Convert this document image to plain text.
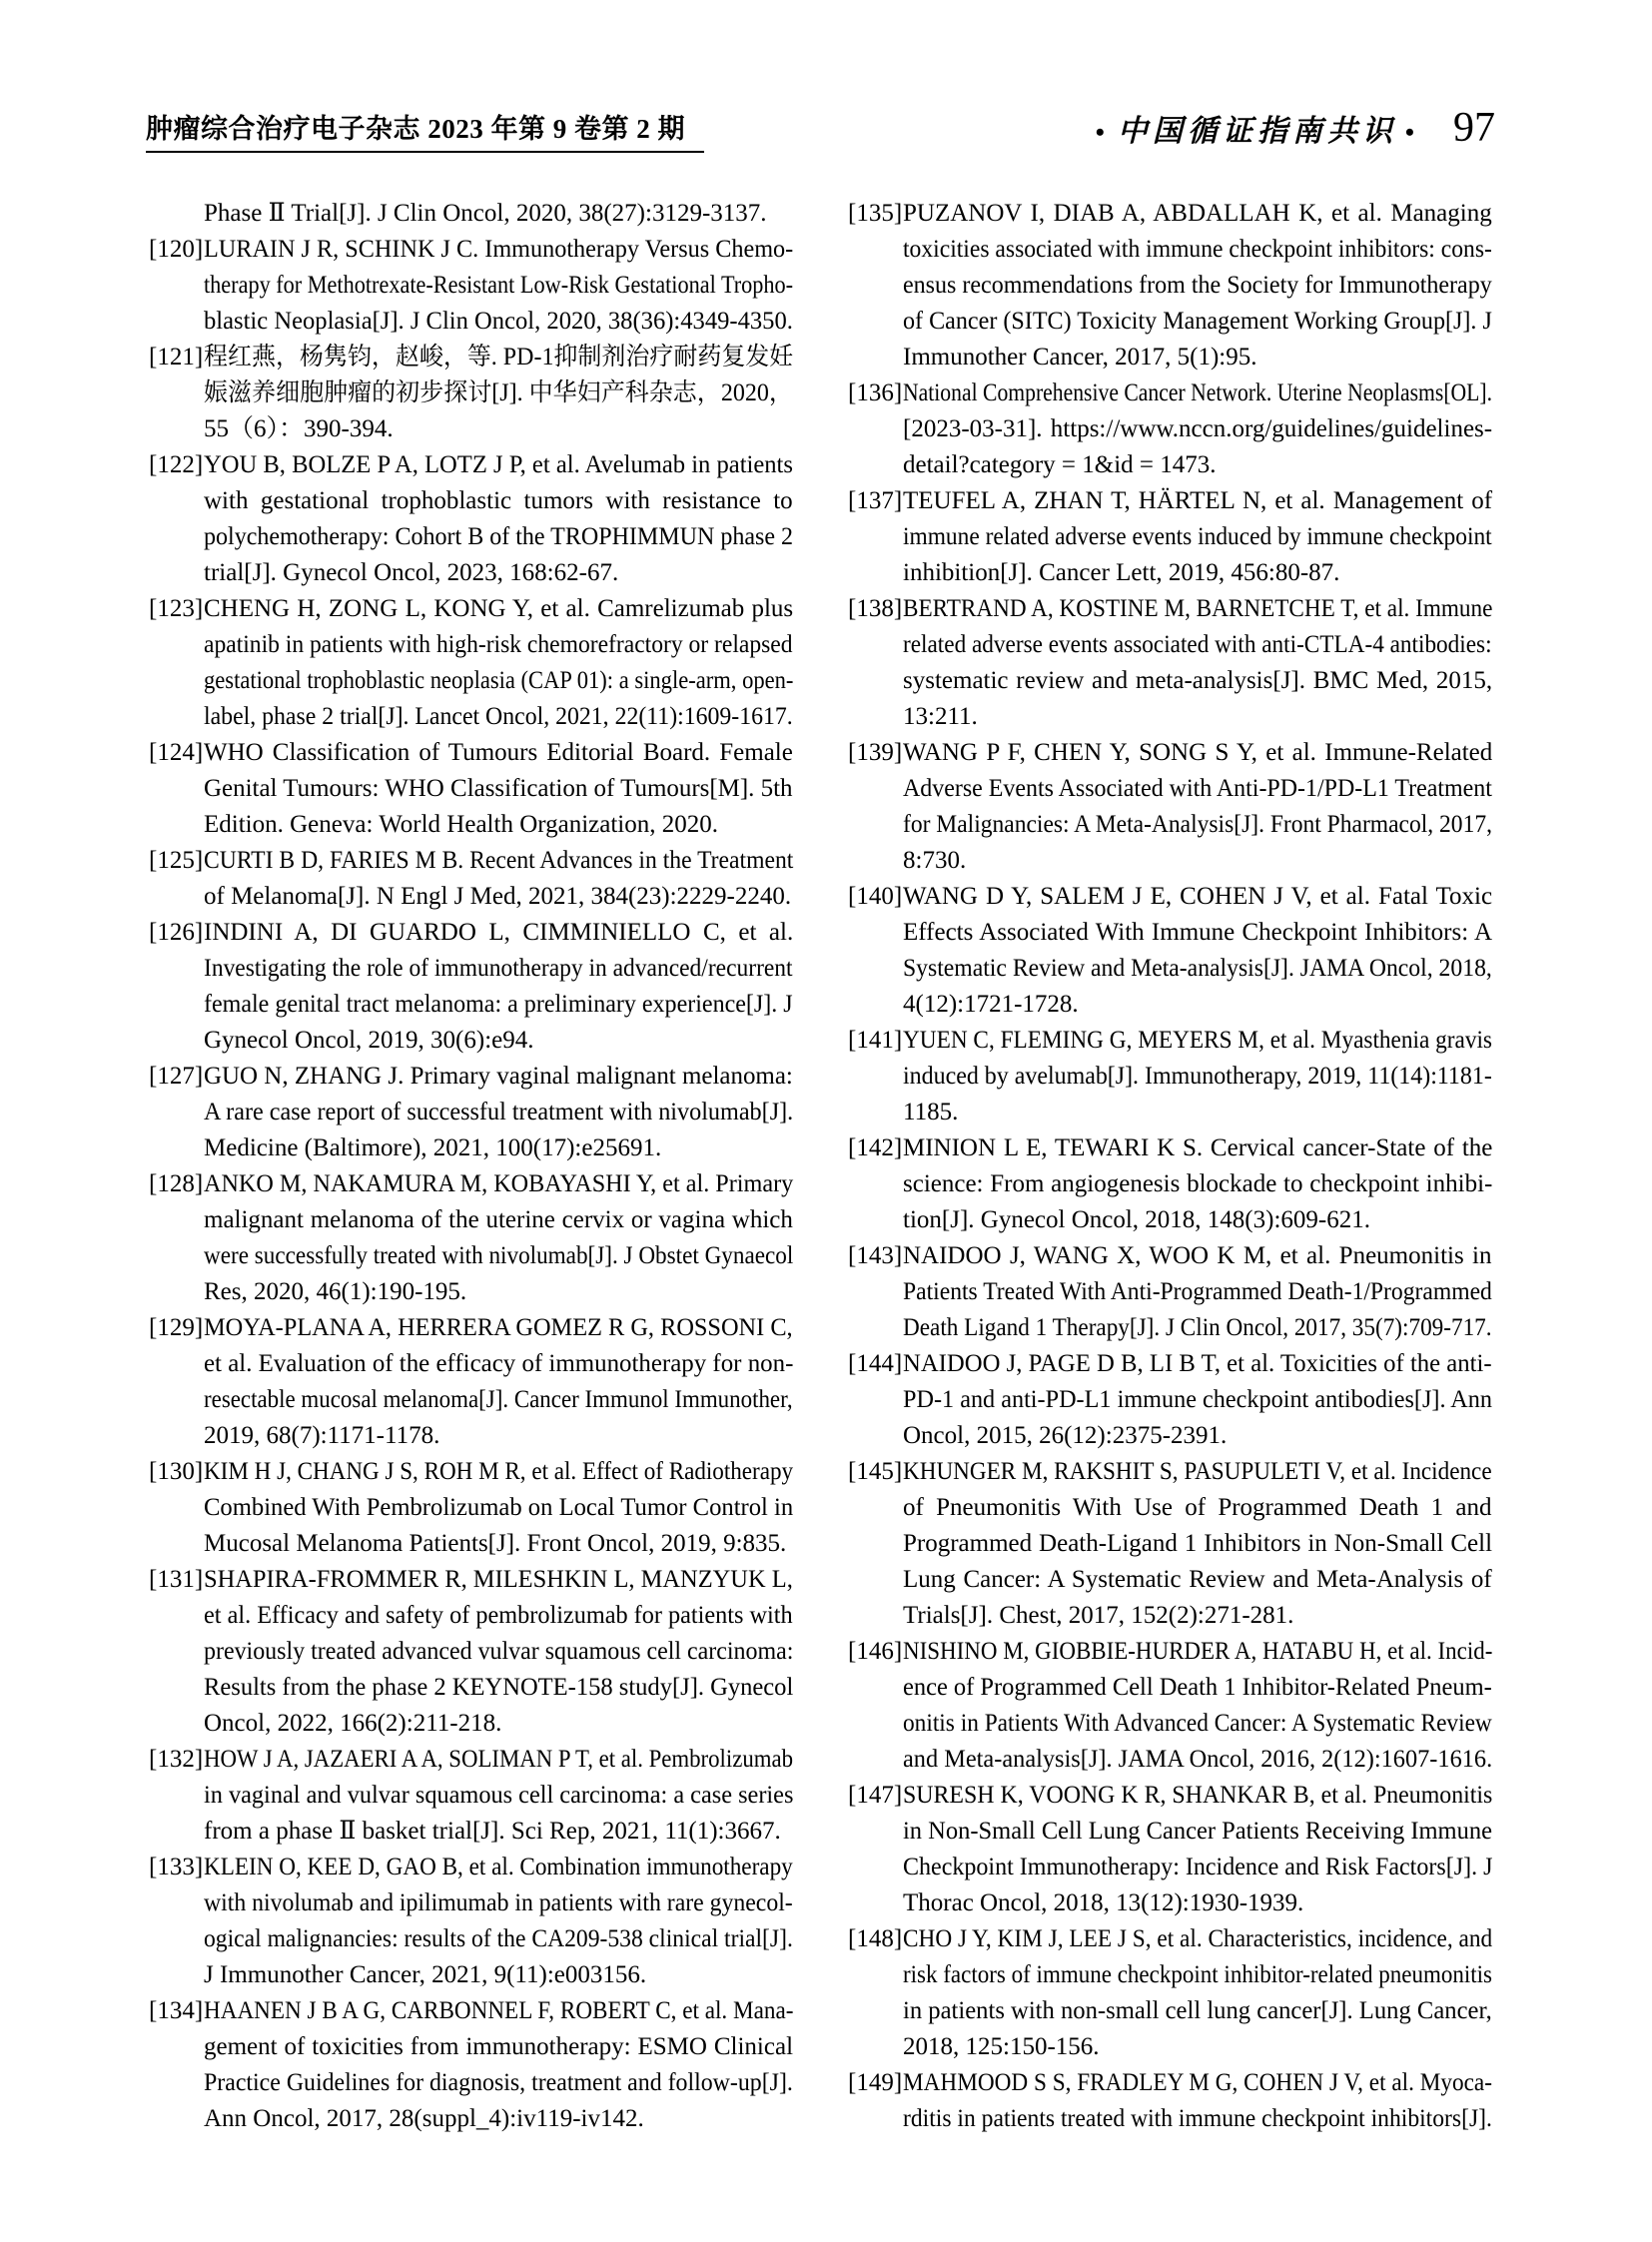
肿瘤综合治疗电子杂志 2023 年第 9 卷第 2 期	• 中国循证指南共识 • 97
Phase Ⅱ Trial[J]. J Clin Oncol, 2020, 38(27):3129-3137.
[120] LURAIN J R, SCHINK J C. Immunotherapy Versus Chemo-
therapy for Methotrexate-Resistant Low-Risk Gestational Tropho-
blastic Neoplasia[J]. J Clin Oncol, 2020, 38(36):4349-4350.
[121] 程红燕，杨隽钧，赵峻，等. PD-1抑制剂治疗耐药复发妊
娠滋养细胞肿瘤的初步探讨[J]. 中华妇产科杂志，2020，
55（6）：390-394.
[122] YOU B, BOLZE P A, LOTZ J P, et al. Avelumab in patients
with gestational trophoblastic tumors with resistance to
polychemotherapy: Cohort B of the TROPHIMMUN phase 2
trial[J]. Gynecol Oncol, 2023, 168:62-67.
[123] CHENG H, ZONG L, KONG Y, et al. Camrelizumab plus
apatinib in patients with high-risk chemorefractory or relapsed
gestational trophoblastic neoplasia (CAP 01): a single-arm, open-
label, phase 2 trial[J]. Lancet Oncol, 2021, 22(11):1609-1617.
[124] WHO Classification of Tumours Editorial Board. Female
Genital Tumours: WHO Classification of Tumours[M]. 5th
Edition. Geneva: World Health Organization, 2020.
[125] CURTI B D, FARIES M B. Recent Advances in the Treatment
of Melanoma[J]. N Engl J Med, 2021, 384(23):2229-2240.
[126] INDINI A, DI GUARDO L, CIMMINIELLO C, et al.
Investigating the role of immunotherapy in advanced/recurrent
female genital tract melanoma: a preliminary experience[J]. J
Gynecol Oncol, 2019, 30(6):e94.
[127] GUO N, ZHANG J. Primary vaginal malignant melanoma:
A rare case report of successful treatment with nivolumab[J].
Medicine (Baltimore), 2021, 100(17):e25691.
[128] ANKO M, NAKAMURA M, KOBAYASHI Y, et al. Primary
malignant melanoma of the uterine cervix or vagina which
were successfully treated with nivolumab[J]. J Obstet Gynaecol
Res, 2020, 46(1):190-195.
[129] MOYA-PLANA A, HERRERA GOMEZ R G, ROSSONI C,
et al. Evaluation of the efficacy of immunotherapy for non-
resectable mucosal melanoma[J]. Cancer Immunol Immunother,
2019, 68(7):1171-1178.
[130] KIM H J, CHANG J S, ROH M R, et al. Effect of Radiotherapy
Combined With Pembrolizumab on Local Tumor Control in
Mucosal Melanoma Patients[J]. Front Oncol, 2019, 9:835.
[131] SHAPIRA-FROMMER R, MILESHKIN L, MANZYUK L,
et al. Efficacy and safety of pembrolizumab for patients with
previously treated advanced vulvar squamous cell carcinoma:
Results from the phase 2 KEYNOTE-158 study[J]. Gynecol
Oncol, 2022, 166(2):211-218.
[132] HOW J A, JAZAERI A A, SOLIMAN P T, et al. Pembrolizumab
in vaginal and vulvar squamous cell carcinoma: a case series
from a phase Ⅱ basket trial[J]. Sci Rep, 2021, 11(1):3667.
[133] KLEIN O, KEE D, GAO B, et al. Combination immunotherapy
with nivolumab and ipilimumab in patients with rare gynecol-
ogical malignancies: results of the CA209-538 clinical trial[J].
J Immunother Cancer, 2021, 9(11):e003156.
[134] HAANEN J B A G, CARBONNEL F, ROBERT C, et al. Mana-
gement of toxicities from immunotherapy: ESMO Clinical
Practice Guidelines for diagnosis, treatment and follow-up[J].
Ann Oncol, 2017, 28(suppl_4):iv119-iv142.
[135] PUZANOV I, DIAB A, ABDALLAH K, et al. Managing
toxicities associated with immune checkpoint inhibitors: cons-
ensus recommendations from the Society for Immunotherapy
of Cancer (SITC) Toxicity Management Working Group[J]. J
Immunother Cancer, 2017, 5(1):95.
[136] National Comprehensive Cancer Network. Uterine Neoplasms[OL].
[2023-03-31]. https://www.nccn.org/guidelines/guidelines-
detail?category = 1&id = 1473.
[137] TEUFEL A, ZHAN T, HÄRTEL N, et al. Management of
immune related adverse events induced by immune checkpoint
inhibition[J]. Cancer Lett, 2019, 456:80-87.
[138] BERTRAND A, KOSTINE M, BARNETCHE T, et al. Immune
related adverse events associated with anti-CTLA-4 antibodies:
systematic review and meta-analysis[J]. BMC Med, 2015,
13:211.
[139] WANG P F, CHEN Y, SONG S Y, et al. Immune-Related
Adverse Events Associated with Anti-PD-1/PD-L1 Treatment
for Malignancies: A Meta-Analysis[J]. Front Pharmacol, 2017,
8:730.
[140] WANG D Y, SALEM J E, COHEN J V, et al. Fatal Toxic
Effects Associated With Immune Checkpoint Inhibitors: A
Systematic Review and Meta-analysis[J]. JAMA Oncol, 2018,
4(12):1721-1728.
[141] YUEN C, FLEMING G, MEYERS M, et al. Myasthenia gravis
induced by avelumab[J]. Immunotherapy, 2019, 11(14):1181-
1185.
[142] MINION L E, TEWARI K S. Cervical cancer-State of the
science: From angiogenesis blockade to checkpoint inhibi-
tion[J]. Gynecol Oncol, 2018, 148(3):609-621.
[143] NAIDOO J, WANG X, WOO K M, et al. Pneumonitis in
Patients Treated With Anti-Programmed Death-1/Programmed
Death Ligand 1 Therapy[J]. J Clin Oncol, 2017, 35(7):709-717.
[144] NAIDOO J, PAGE D B, LI B T, et al. Toxicities of the anti-
PD-1 and anti-PD-L1 immune checkpoint antibodies[J]. Ann
Oncol, 2015, 26(12):2375-2391.
[145] KHUNGER M, RAKSHIT S, PASUPULETI V, et al. Incidence
of Pneumonitis With Use of Programmed Death 1 and
Programmed Death-Ligand 1 Inhibitors in Non-Small Cell
Lung Cancer: A Systematic Review and Meta-Analysis of
Trials[J]. Chest, 2017, 152(2):271-281.
[146] NISHINO M, GIOBBIE-HURDER A, HATABU H, et al. Incid-
ence of Programmed Cell Death 1 Inhibitor-Related Pneum-
onitis in Patients With Advanced Cancer: A Systematic Review
and Meta-analysis[J]. JAMA Oncol, 2016, 2(12):1607-1616.
[147] SURESH K, VOONG K R, SHANKAR B, et al. Pneumonitis
in Non-Small Cell Lung Cancer Patients Receiving Immune
Checkpoint Immunotherapy: Incidence and Risk Factors[J]. J
Thorac Oncol, 2018, 13(12):1930-1939.
[148] CHO J Y, KIM J, LEE J S, et al. Characteristics, incidence, and
risk factors of immune checkpoint inhibitor-related pneumonitis
in patients with non-small cell lung cancer[J]. Lung Cancer,
2018, 125:150-156.
[149] MAHMOOD S S, FRADLEY M G, COHEN J V, et al. Myoca-
rditis in patients treated with immune checkpoint inhibitors[J].
